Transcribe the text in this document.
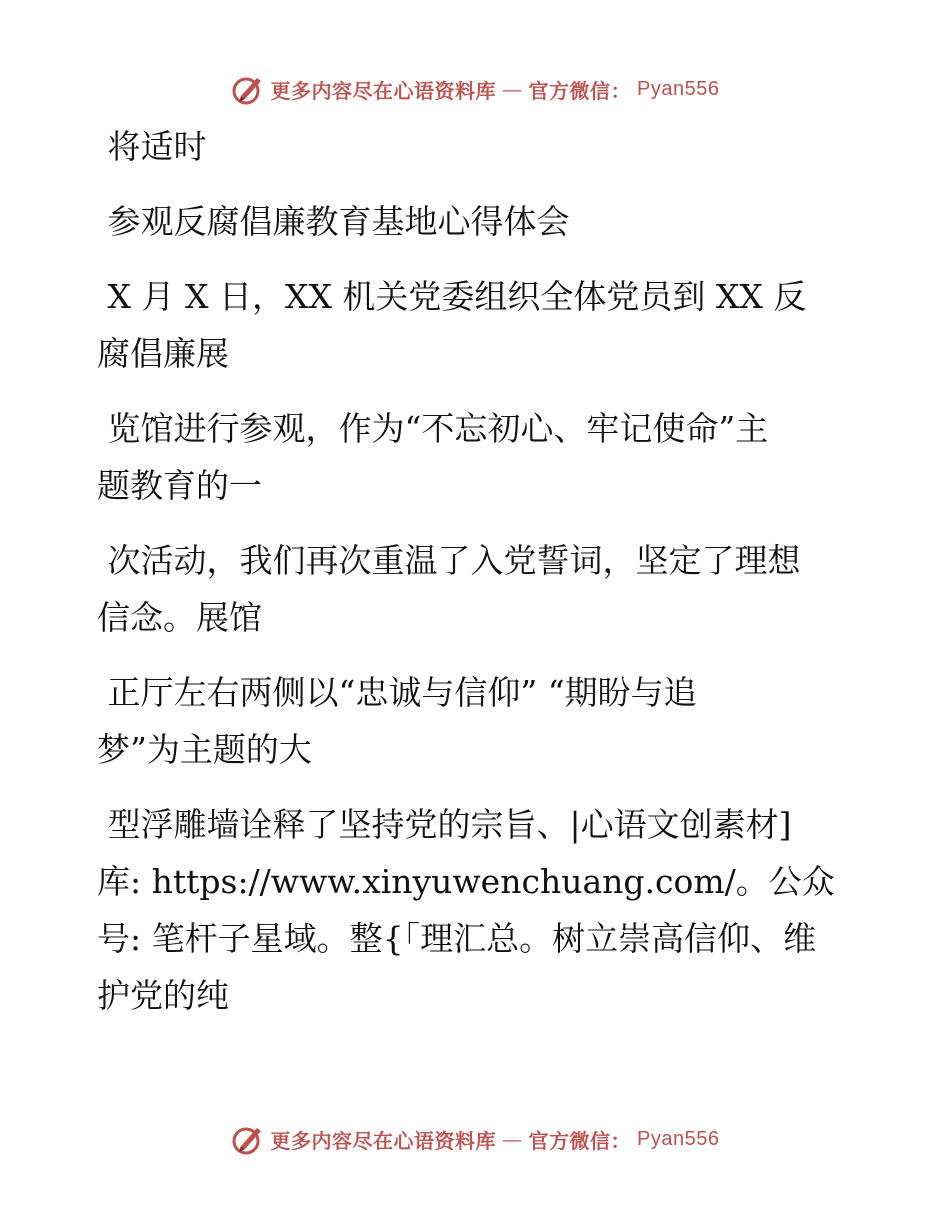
更多内容尽在心语资料库 — 官方微信： Pyan556
将适时
参观反腐倡廉教育基地心得体会
X 月 X 日，XX 机关党委组织全体党员到 XX 反
腐倡廉展
览馆进行参观，作为“不忘初心、牢记使命”主
题教育的一
次活动，我们再次重温了入党誓词，坚定了理想
信念。展馆
正厅左右两侧以“忠诚与信仰” “期盼与追
梦”为主题的大
型浮雕墙诠释了坚持党的宗旨、|心语文创素材]
库: https://www.xinyuwenchuang.com/。公众
号: 笔杆子星域。整{「理汇总。树立崇高信仰、维
护党的纯
更多内容尽在心语资料库 — 官方微信： Pyan556
